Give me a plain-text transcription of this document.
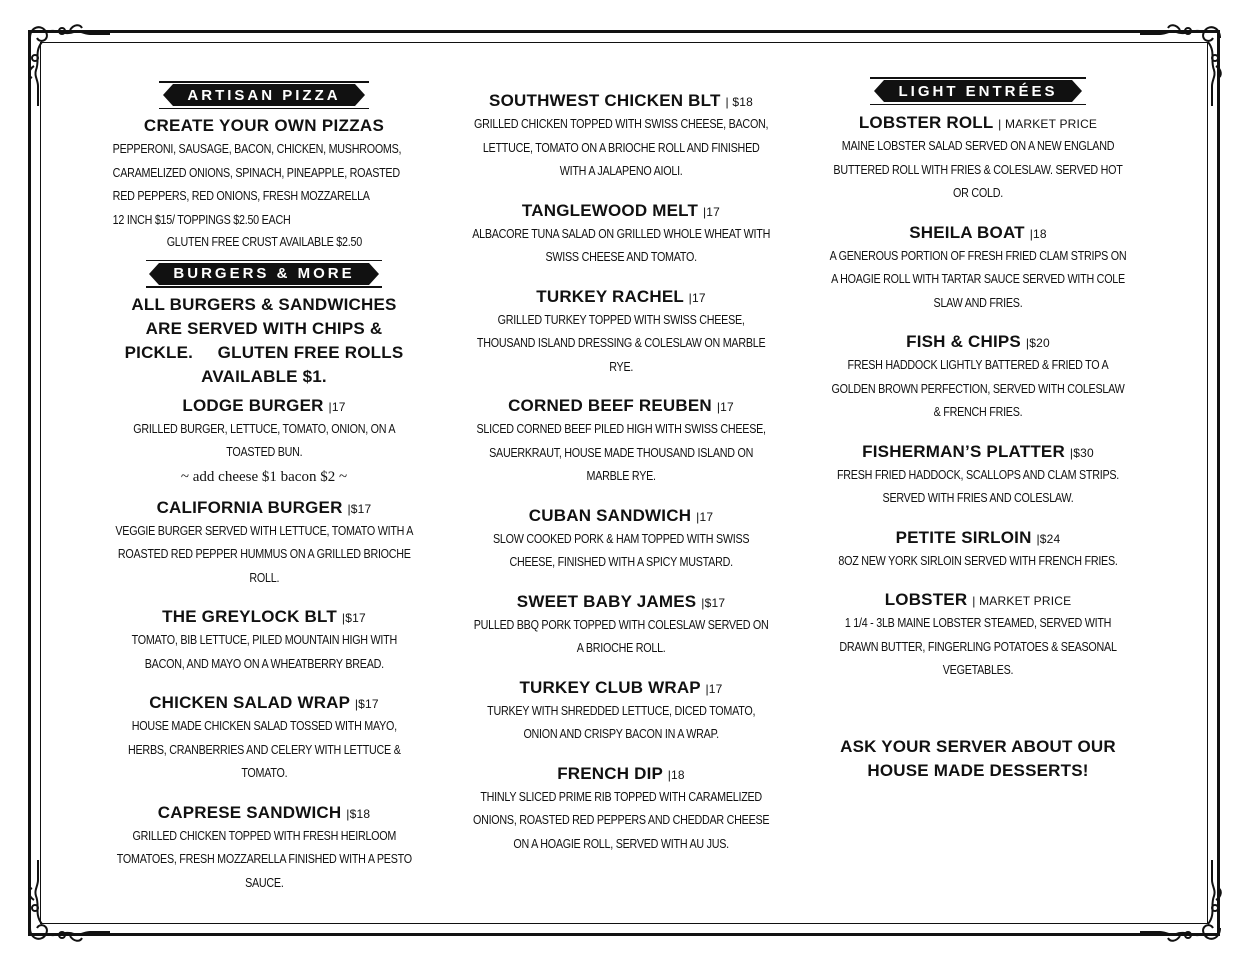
ARTISAN PIZZA
CREATE YOUR OWN PIZZAS
PEPPERONI, SAUSAGE, BACON, CHICKEN, MUSHROOMS, CARAMELIZED ONIONS, SPINACH, PINEAPPLE, ROASTED RED PEPPERS, RED ONIONS, FRESH MOZZARELLA
12 INCH $15/ TOPPINGS $2.50 EACH
GLUTEN FREE CRUST AVAILABLE $2.50
BURGERS & MORE
ALL BURGERS & SANDWICHES ARE SERVED WITH CHIPS & PICKLE.     GLUTEN FREE ROLLS AVAILABLE $1.
LODGE BURGER |17
GRILLED BURGER, LETTUCE, TOMATO, ONION, ON A TOASTED BUN.
~ add cheese $1 bacon $2 ~
CALIFORNIA BURGER |$17
VEGGIE BURGER SERVED WITH LETTUCE, TOMATO WITH A ROASTED RED PEPPER HUMMUS ON A GRILLED BRIOCHE ROLL.
THE GREYLOCK BLT |$17
TOMATO, BIB LETTUCE, PILED MOUNTAIN HIGH WITH BACON, AND MAYO ON A WHEATBERRY BREAD.
CHICKEN SALAD WRAP |$17
HOUSE MADE CHICKEN SALAD TOSSED WITH MAYO, HERBS, CRANBERRIES AND CELERY WITH LETTUCE & TOMATO.
CAPRESE SANDWICH |$18
GRILLED CHICKEN TOPPED WITH FRESH HEIRLOOM TOMATOES, FRESH MOZZARELLA FINISHED WITH A PESTO SAUCE.
SOUTHWEST CHICKEN BLT | $18
GRILLED CHICKEN TOPPED WITH SWISS CHEESE, BACON, LETTUCE, TOMATO ON A BRIOCHE ROLL AND FINISHED WITH A JALAPENO AIOLI.
TANGLEWOOD MELT |17
ALBACORE TUNA SALAD ON GRILLED WHOLE WHEAT WITH SWISS CHEESE AND TOMATO.
TURKEY RACHEL |17
GRILLED TURKEY TOPPED WITH SWISS CHEESE, THOUSAND ISLAND DRESSING & COLESLAW ON MARBLE RYE.
CORNED BEEF REUBEN |17
SLICED CORNED BEEF PILED HIGH WITH SWISS CHEESE, SAUERKRAUT, HOUSE MADE THOUSAND ISLAND ON MARBLE RYE.
CUBAN SANDWICH |17
SLOW COOKED PORK & HAM TOPPED WITH SWISS CHEESE, FINISHED WITH A SPICY MUSTARD.
SWEET BABY JAMES |$17
PULLED BBQ PORK TOPPED WITH COLESLAW SERVED ON A BRIOCHE ROLL.
TURKEY CLUB WRAP |17
TURKEY WITH SHREDDED LETTUCE, DICED TOMATO, ONION AND CRISPY BACON IN A WRAP.
FRENCH DIP |18
THINLY SLICED PRIME RIB TOPPED WITH CARAMELIZED ONIONS, ROASTED RED PEPPERS AND CHEDDAR CHEESE ON A HOAGIE ROLL, SERVED WITH AU JUS.
LIGHT ENTRÉES
LOBSTER ROLL | MARKET PRICE
MAINE LOBSTER SALAD SERVED ON A NEW ENGLAND BUTTERED ROLL WITH FRIES & COLESLAW. SERVED HOT OR COLD.
SHEILA BOAT |18
A GENEROUS PORTION OF FRESH FRIED CLAM STRIPS ON A HOAGIE ROLL WITH TARTAR SAUCE SERVED WITH COLE SLAW AND FRIES.
FISH & CHIPS |$20
FRESH HADDOCK LIGHTLY BATTERED & FRIED TO A GOLDEN BROWN PERFECTION, SERVED WITH COLESLAW & FRENCH FRIES.
FISHERMAN’S PLATTER |$30
FRESH FRIED HADDOCK, SCALLOPS AND CLAM STRIPS. SERVED WITH FRIES AND COLESLAW.
PETITE SIRLOIN |$24
8OZ NEW YORK SIRLOIN SERVED WITH FRENCH FRIES.
LOBSTER | MARKET PRICE
1 1/4 - 3LB MAINE LOBSTER STEAMED, SERVED WITH DRAWN BUTTER, FINGERLING POTATOES & SEASONAL VEGETABLES.
ASK YOUR SERVER ABOUT OUR HOUSE MADE DESSERTS!
